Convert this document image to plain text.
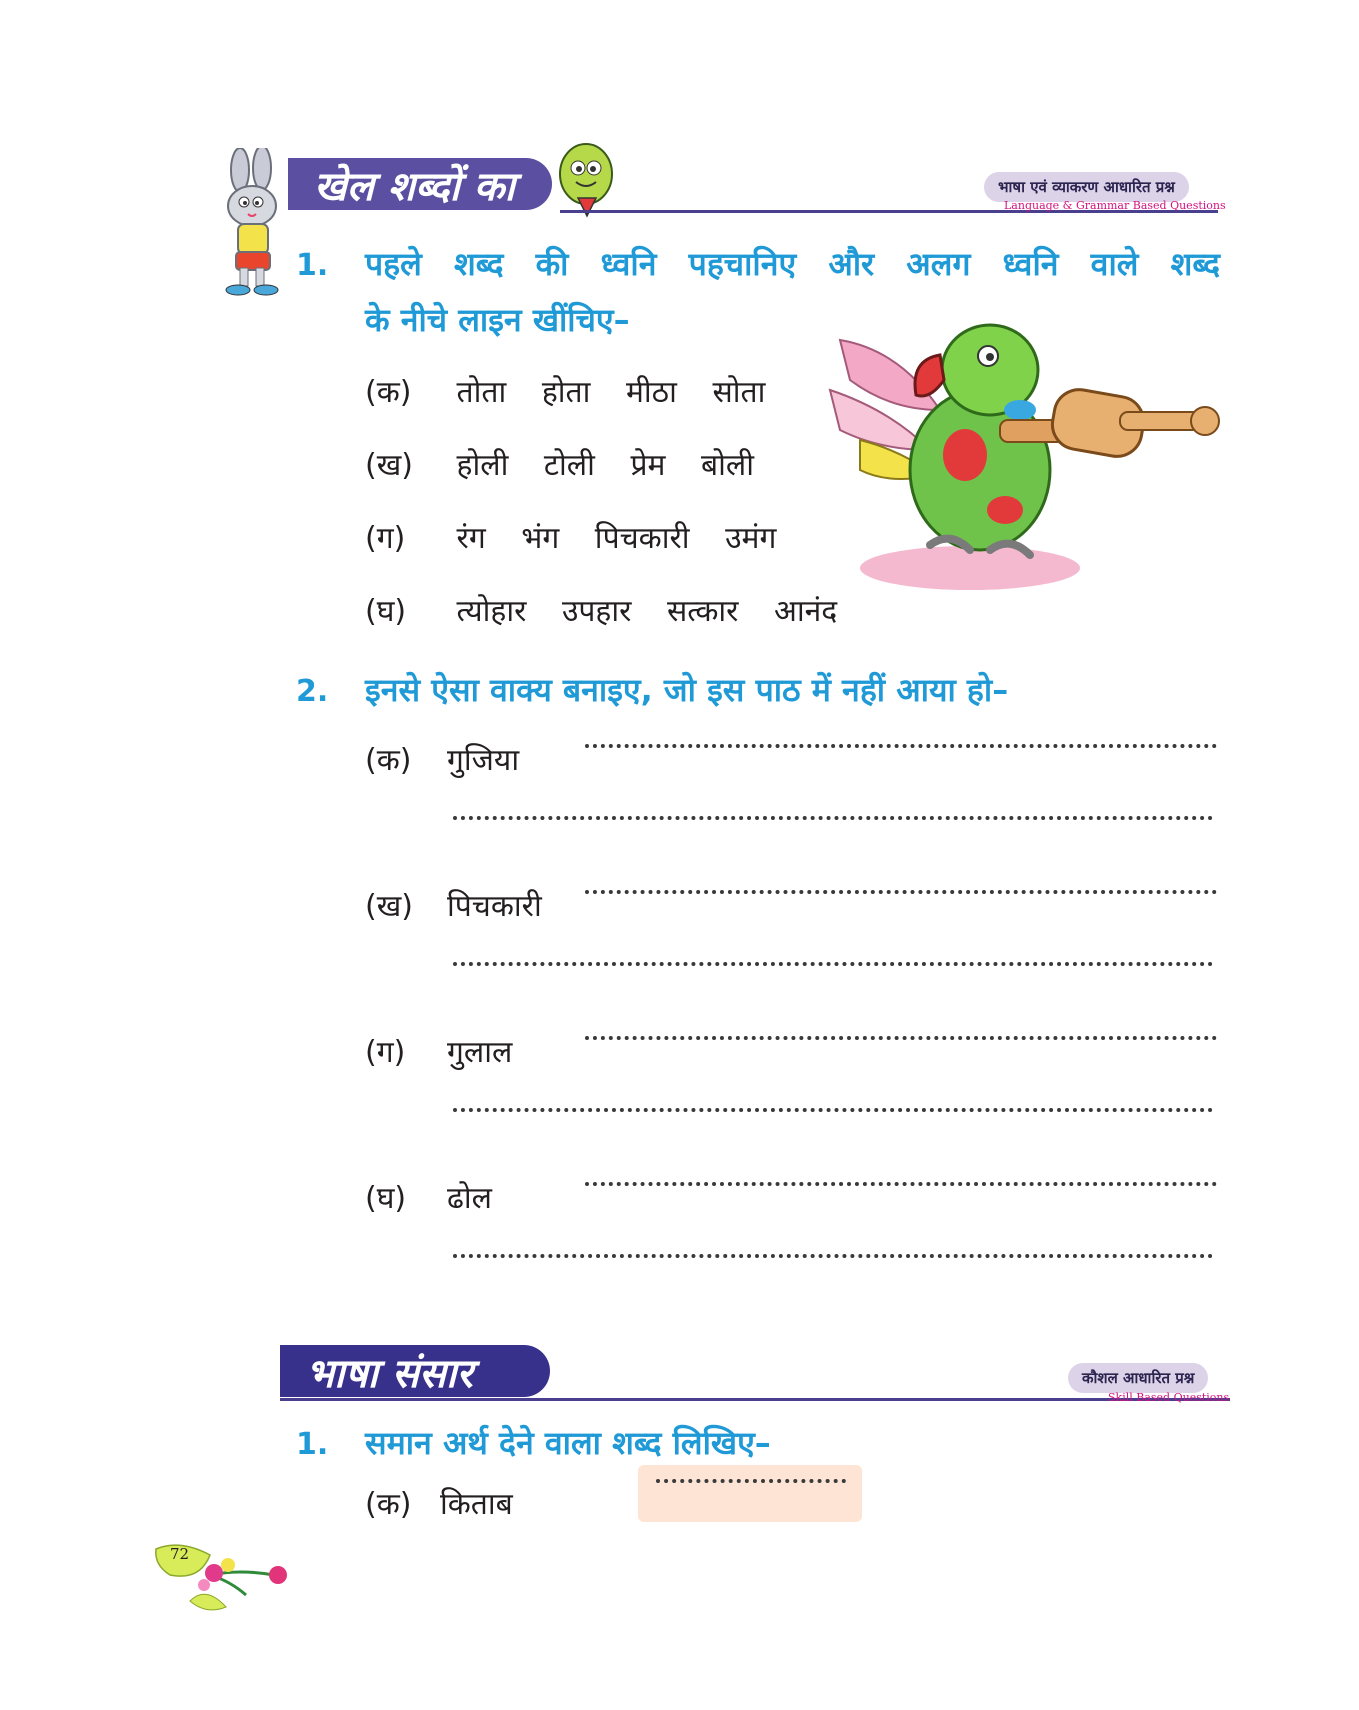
खेल शब्दों का	भाषा एवं व्याकरण आधारित प्रश्न
Language & Grammar Based Questions
1. पहले शब्द की ध्वनि पहचानिए और अलग ध्वनि वाले शब्द
के नीचे लाइन खींचिए–
(क) तोता होता मीठा सोता
(ख) होली टोली प्रेम बोली
(ग) रंग भंग पिचकारी उमंग
(घ) त्योहार उपहार सत्कार आनंद
2. इनसे ऐसा वाक्य बनाइए, जो इस पाठ में नहीं आया हो–
(क) गुजिया
(ख) पिचकारी
(ग) गुलाल
(घ) ढोल
भाषा संसार	कौशल आधारित प्रश्न
Skill Based Questions
1. समान अर्थ देने वाला शब्द लिखिए–
(क) किताब
72
